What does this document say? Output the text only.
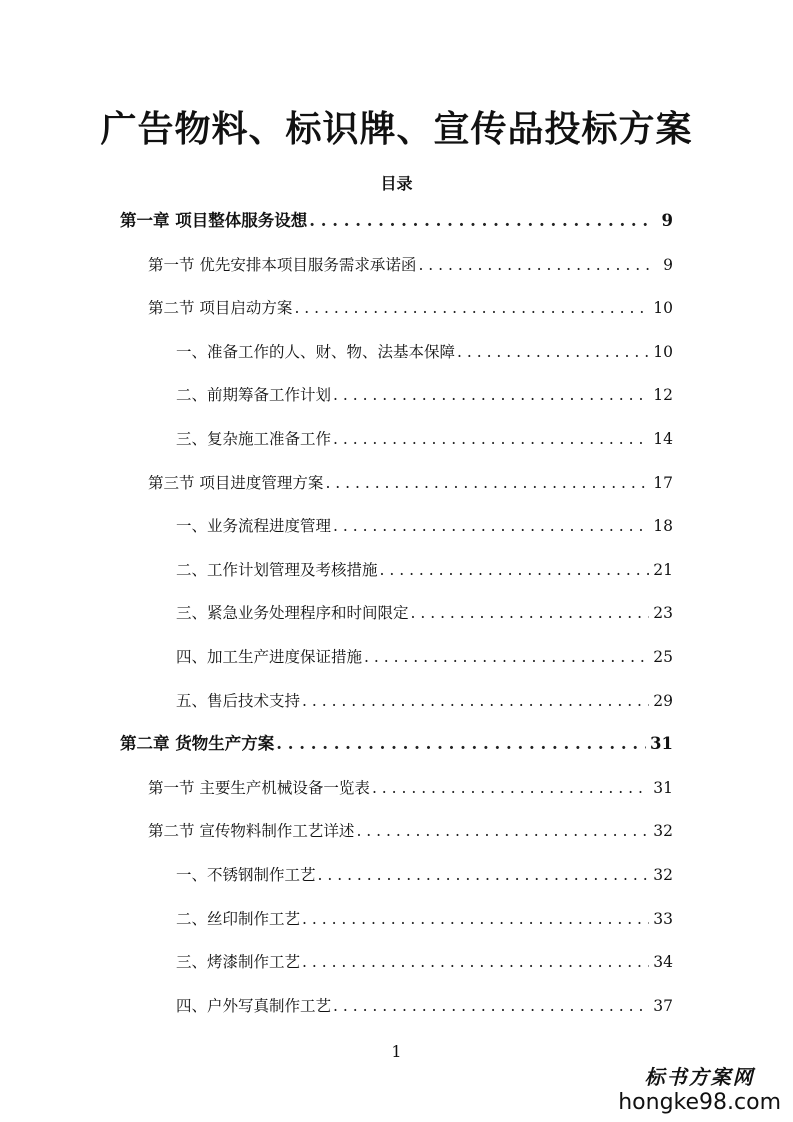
广告物料、标识牌、宣传品投标方案
目录
第一章 项目整体服务设想 . . .	9
第一节 优先安排本项目服务需求承诺函 . . .	9
第二节 项目启动方案 . . .	10
一、准备工作的人、财、物、法基本保障 . . .	10
二、前期筹备工作计划 . . .	12
三、复杂施工准备工作 . . .	14
第三节 项目进度管理方案 . . .	17
一、业务流程进度管理 . . .	18
二、工作计划管理及考核措施 . . .	21
三、紧急业务处理程序和时间限定 . . .	23
四、加工生产进度保证措施 . . .	25
五、售后技术支持 . . .	29
第二章 货物生产方案 . . .	31
第一节 主要生产机械设备一览表 . . .	31
第二节 宣传物料制作工艺详述 . . .	32
一、不锈钢制作工艺 . . .	32
二、丝印制作工艺 . . .	33
三、烤漆制作工艺 . . .	34
四、户外写真制作工艺 . . .	37
1
标书方案网
hongke98.com
